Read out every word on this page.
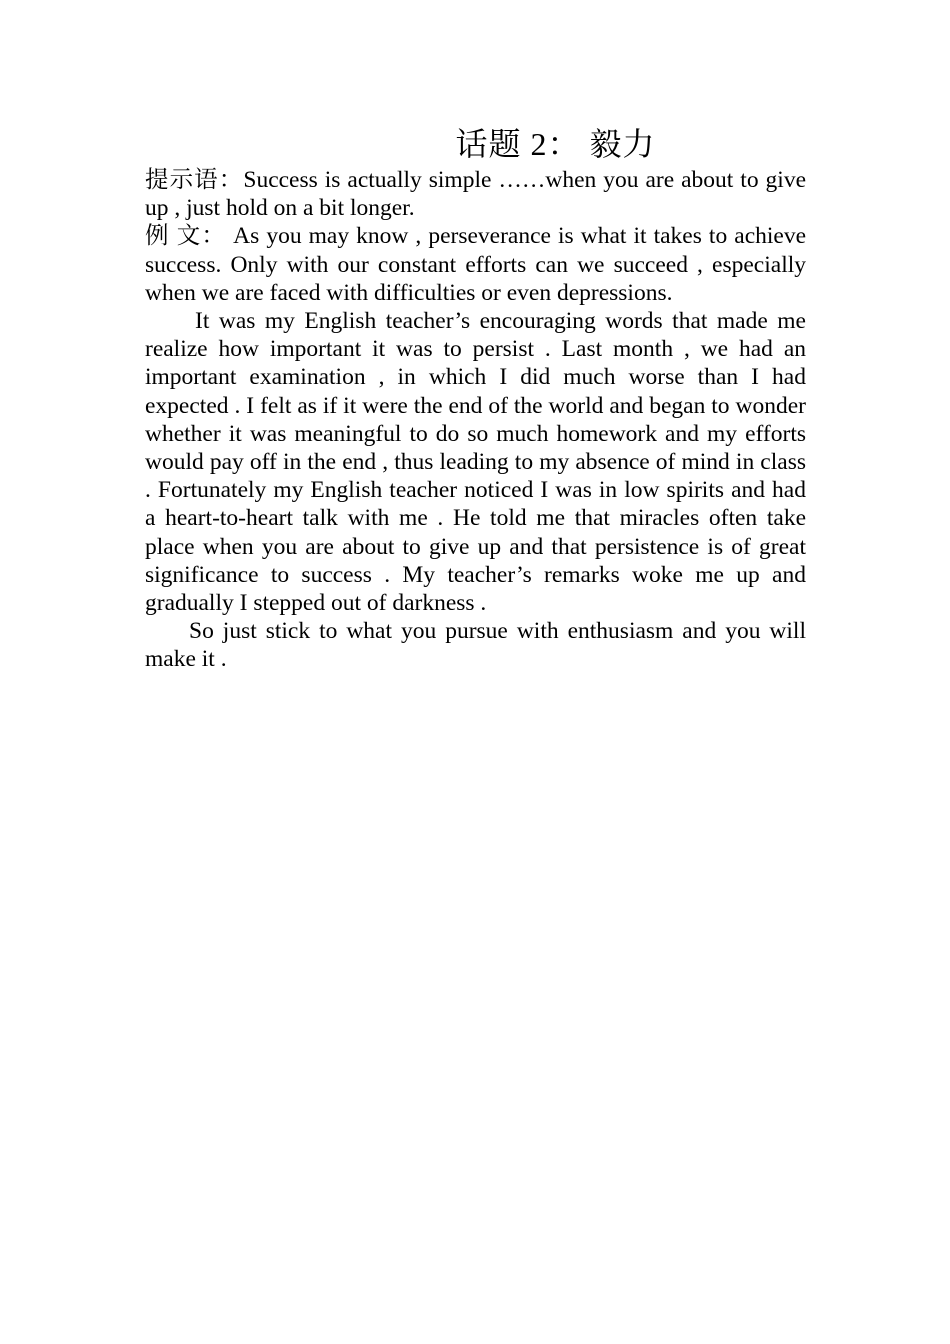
话题 2： 毅力

提示语：Success is actually simple ……when you are about to give up , just hold on a bit longer.

例 文： As you may know , perseverance is what it takes to achieve success. Only with our constant efforts can we succeed , especially when we are faced with difficulties or even depressions.

It was my English teacher’s encouraging words that made me realize how important it was to persist . Last month , we had an important examination , in which I did much worse than I had expected . I felt as if it were the end of the world and began to wonder whether it was meaningful to do so much homework and my efforts would pay off in the end , thus leading to my absence of mind in class . Fortunately my English teacher noticed I was in low spirits and had a heart-to-heart talk with me . He told me that miracles often take place when you are about to give up and that persistence is of great significance to success . My teacher’s remarks woke me up and gradually I stepped out of darkness .

So just stick to what you pursue with enthusiasm and you will make it .
